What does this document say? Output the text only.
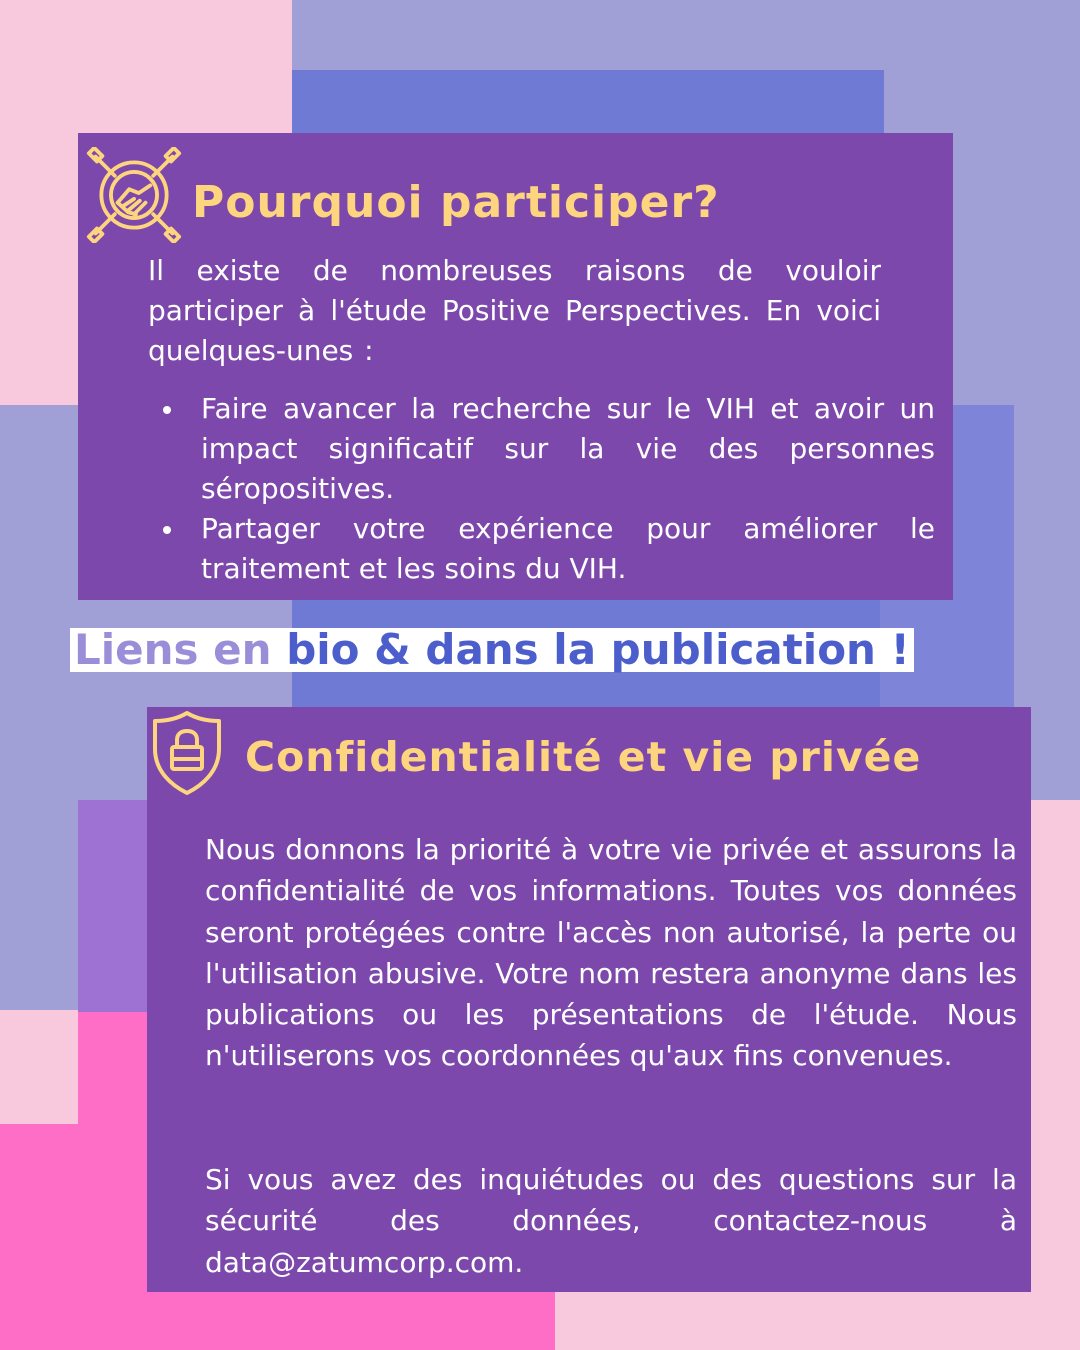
Pourquoi participer?

Il existe de nombreuses raisons de vouloir participer à l'étude Positive Perspectives. En voici quelques-unes :

Faire avancer la recherche sur le VIH et avoir un impact significatif sur la vie des personnes séropositives.
Partager votre expérience pour améliorer le traitement et les soins du VIH.
Liens en bio & dans la publication !
Confidentialité et vie privée

Nous donnons la priorité à votre vie privée et assurons la confidentialité de vos informations. Toutes vos données seront protégées contre l'accès non autorisé, la perte ou l'utilisation abusive. Votre nom restera anonyme dans les publications ou les présentations de l'étude. Nous n'utiliserons vos coordonnées qu'aux fins convenues.

Si vous avez des inquiétudes ou des questions sur la sécurité des données, contactez-nous à data@zatumcorp.com.
